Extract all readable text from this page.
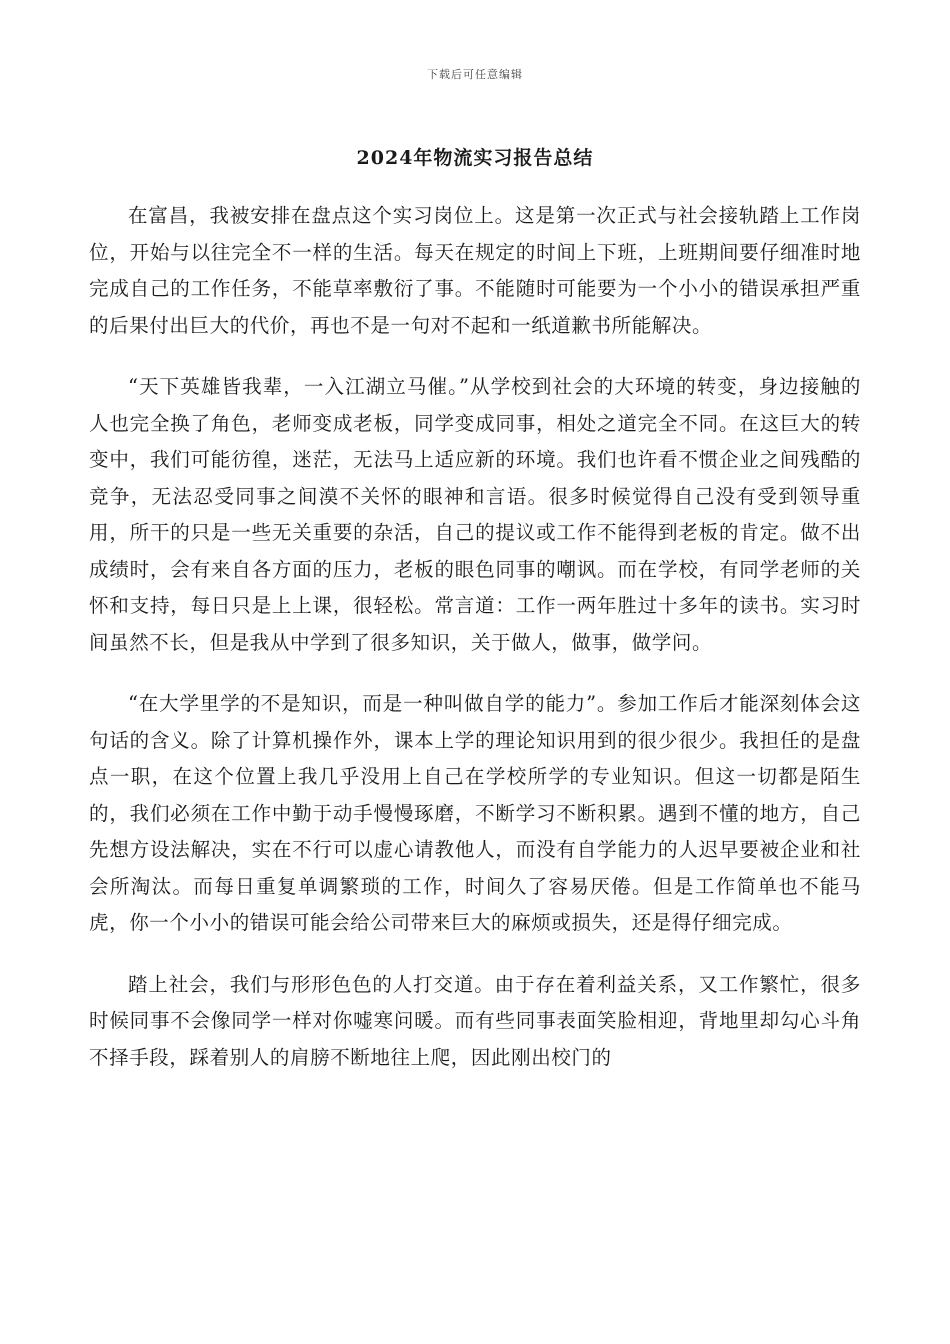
下载后可任意编辑
2024年物流实习报告总结

在富昌，我被安排在盘点这个实习岗位上。这是第一次正式与社会接轨踏上工作岗位，开始与以往完全不一样的生活。每天在规定的时间上下班，上班期间要仔细准时地完成自己的工作任务，不能草率敷衍了事。不能随时可能要为一个小小的错误承担严重的后果付出巨大的代价，再也不是一句对不起和一纸道歉书所能解决。

“天下英雄皆我辈，一入江湖立马催。”从学校到社会的大环境的转变，身边接触的人也完全换了角色，老师变成老板，同学变成同事，相处之道完全不同。在这巨大的转变中，我们可能彷徨，迷茫，无法马上适应新的环境。我们也许看不惯企业之间残酷的竞争，无法忍受同事之间漠不关怀的眼神和言语。很多时候觉得自己没有受到领导重用，所干的只是一些无关重要的杂活，自己的提议或工作不能得到老板的肯定。做不出成绩时，会有来自各方面的压力，老板的眼色同事的嘲讽。而在学校，有同学老师的关怀和支持，每日只是上上课，很轻松。常言道：工作一两年胜过十多年的读书。实习时间虽然不长，但是我从中学到了很多知识，关于做人，做事，做学问。

“在大学里学的不是知识，而是一种叫做自学的能力”。参加工作后才能深刻体会这句话的含义。除了计算机操作外，课本上学的理论知识用到的很少很少。我担任的是盘点一职，在这个位置上我几乎没用上自己在学校所学的专业知识。但这一切都是陌生的，我们必须在工作中勤于动手慢慢琢磨，不断学习不断积累。遇到不懂的地方，自己先想方设法解决，实在不行可以虚心请教他人，而没有自学能力的人迟早要被企业和社会所淘汰。而每日重复单调繁琐的工作，时间久了容易厌倦。但是工作简单也不能马虎，你一个小小的错误可能会给公司带来巨大的麻烦或损失，还是得仔细完成。

踏上社会，我们与形形色色的人打交道。由于存在着利益关系，又工作繁忙，很多时候同事不会像同学一样对你嘘寒问暖。而有些同事表面笑脸相迎，背地里却勾心斗角不择手段，踩着别人的肩膀不断地往上爬，因此刚出校门的
